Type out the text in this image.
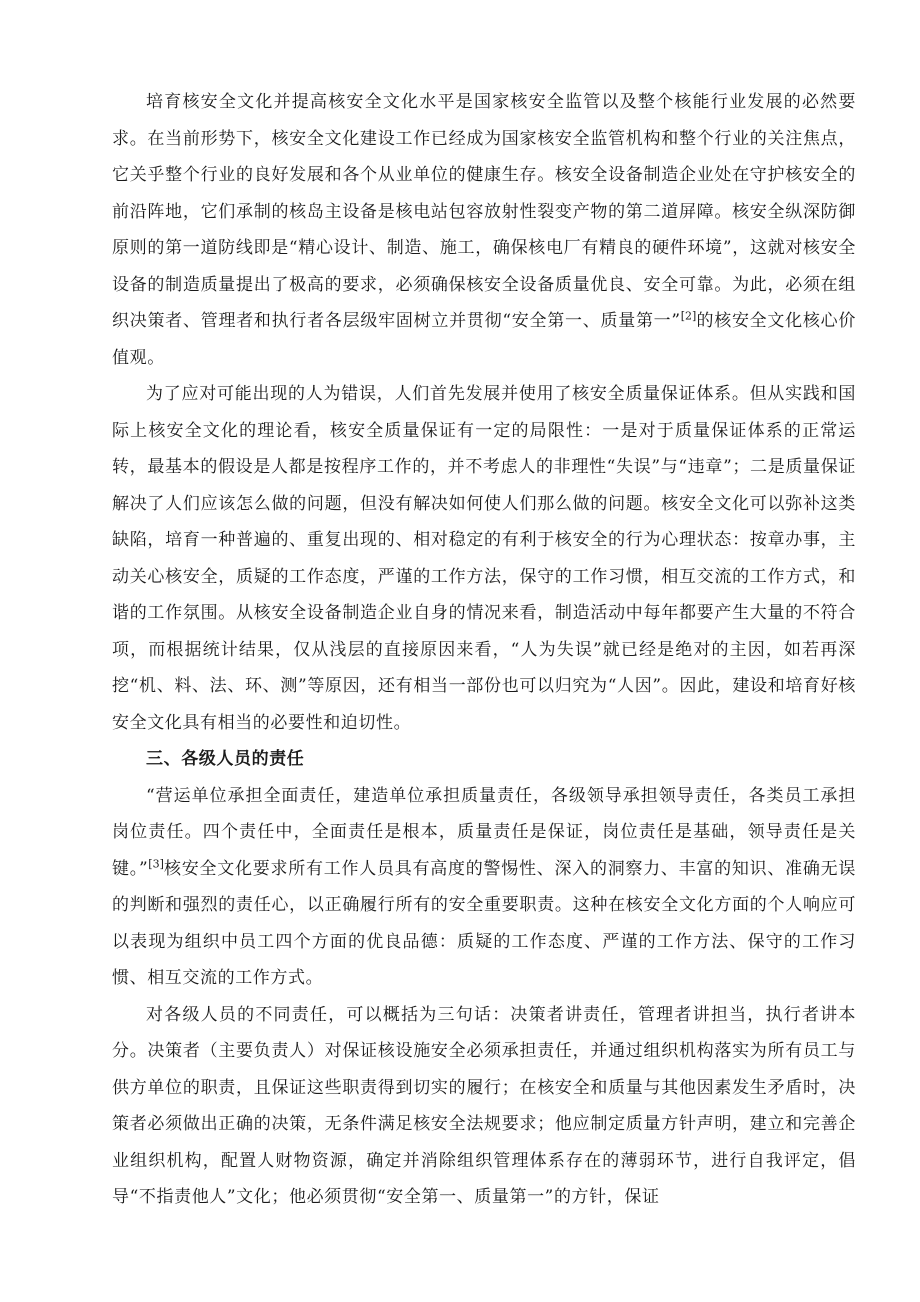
培育核安全文化并提高核安全文化水平是国家核安全监管以及整个核能行业发展的必然要求。在当前形势下，核安全文化建设工作已经成为国家核安全监管机构和整个行业的关注焦点，它关乎整个行业的良好发展和各个从业单位的健康生存。核安全设备制造企业处在守护核安全的前沿阵地，它们承制的核岛主设备是核电站包容放射性裂变产物的第二道屏障。核安全纵深防御原则的第一道防线即是“精心设计、制造、施工，确保核电厂有精良的硬件环境”，这就对核安全设备的制造质量提出了极高的要求，必须确保核安全设备质量优良、安全可靠。为此，必须在组织决策者、管理者和执行者各层级牢固树立并贯彻“安全第一、质量第一”[2]的核安全文化核心价值观。

为了应对可能出现的人为错误，人们首先发展并使用了核安全质量保证体系。但从实践和国际上核安全文化的理论看，核安全质量保证有一定的局限性：一是对于质量保证体系的正常运转，最基本的假设是人都是按程序工作的，并不考虑人的非理性“失误”与“违章”；二是质量保证解决了人们应该怎么做的问题，但没有解决如何使人们那么做的问题。核安全文化可以弥补这类缺陷，培育一种普遍的、重复出现的、相对稳定的有利于核安全的行为心理状态：按章办事，主动关心核安全，质疑的工作态度，严谨的工作方法，保守的工作习惯，相互交流的工作方式，和谐的工作氛围。从核安全设备制造企业自身的情况来看，制造活动中每年都要产生大量的不符合项，而根据统计结果，仅从浅层的直接原因来看，“人为失误”就已经是绝对的主因，如若再深挖“机、料、法、环、测”等原因，还有相当一部份也可以归究为“人因”。因此，建设和培育好核安全文化具有相当的必要性和迫切性。

三、各级人员的责任

“营运单位承担全面责任，建造单位承担质量责任，各级领导承担领导责任，各类员工承担岗位责任。四个责任中，全面责任是根本，质量责任是保证，岗位责任是基础，领导责任是关键。”[3]核安全文化要求所有工作人员具有高度的警惕性、深入的洞察力、丰富的知识、准确无误的判断和强烈的责任心，以正确履行所有的安全重要职责。这种在核安全文化方面的个人响应可以表现为组织中员工四个方面的优良品德：质疑的工作态度、严谨的工作方法、保守的工作习惯、相互交流的工作方式。

对各级人员的不同责任，可以概括为三句话：决策者讲责任，管理者讲担当，执行者讲本分。决策者（主要负责人）对保证核设施安全必须承担责任，并通过组织机构落实为所有员工与供方单位的职责，且保证这些职责得到切实的履行；在核安全和质量与其他因素发生矛盾时，决策者必须做出正确的决策，无条件满足核安全法规要求；他应制定质量方针声明，建立和完善企业组织机构，配置人财物资源，确定并消除组织管理体系存在的薄弱环节，进行自我评定，倡导“不指责他人”文化；他必须贯彻“安全第一、质量第一”的方针，保证
